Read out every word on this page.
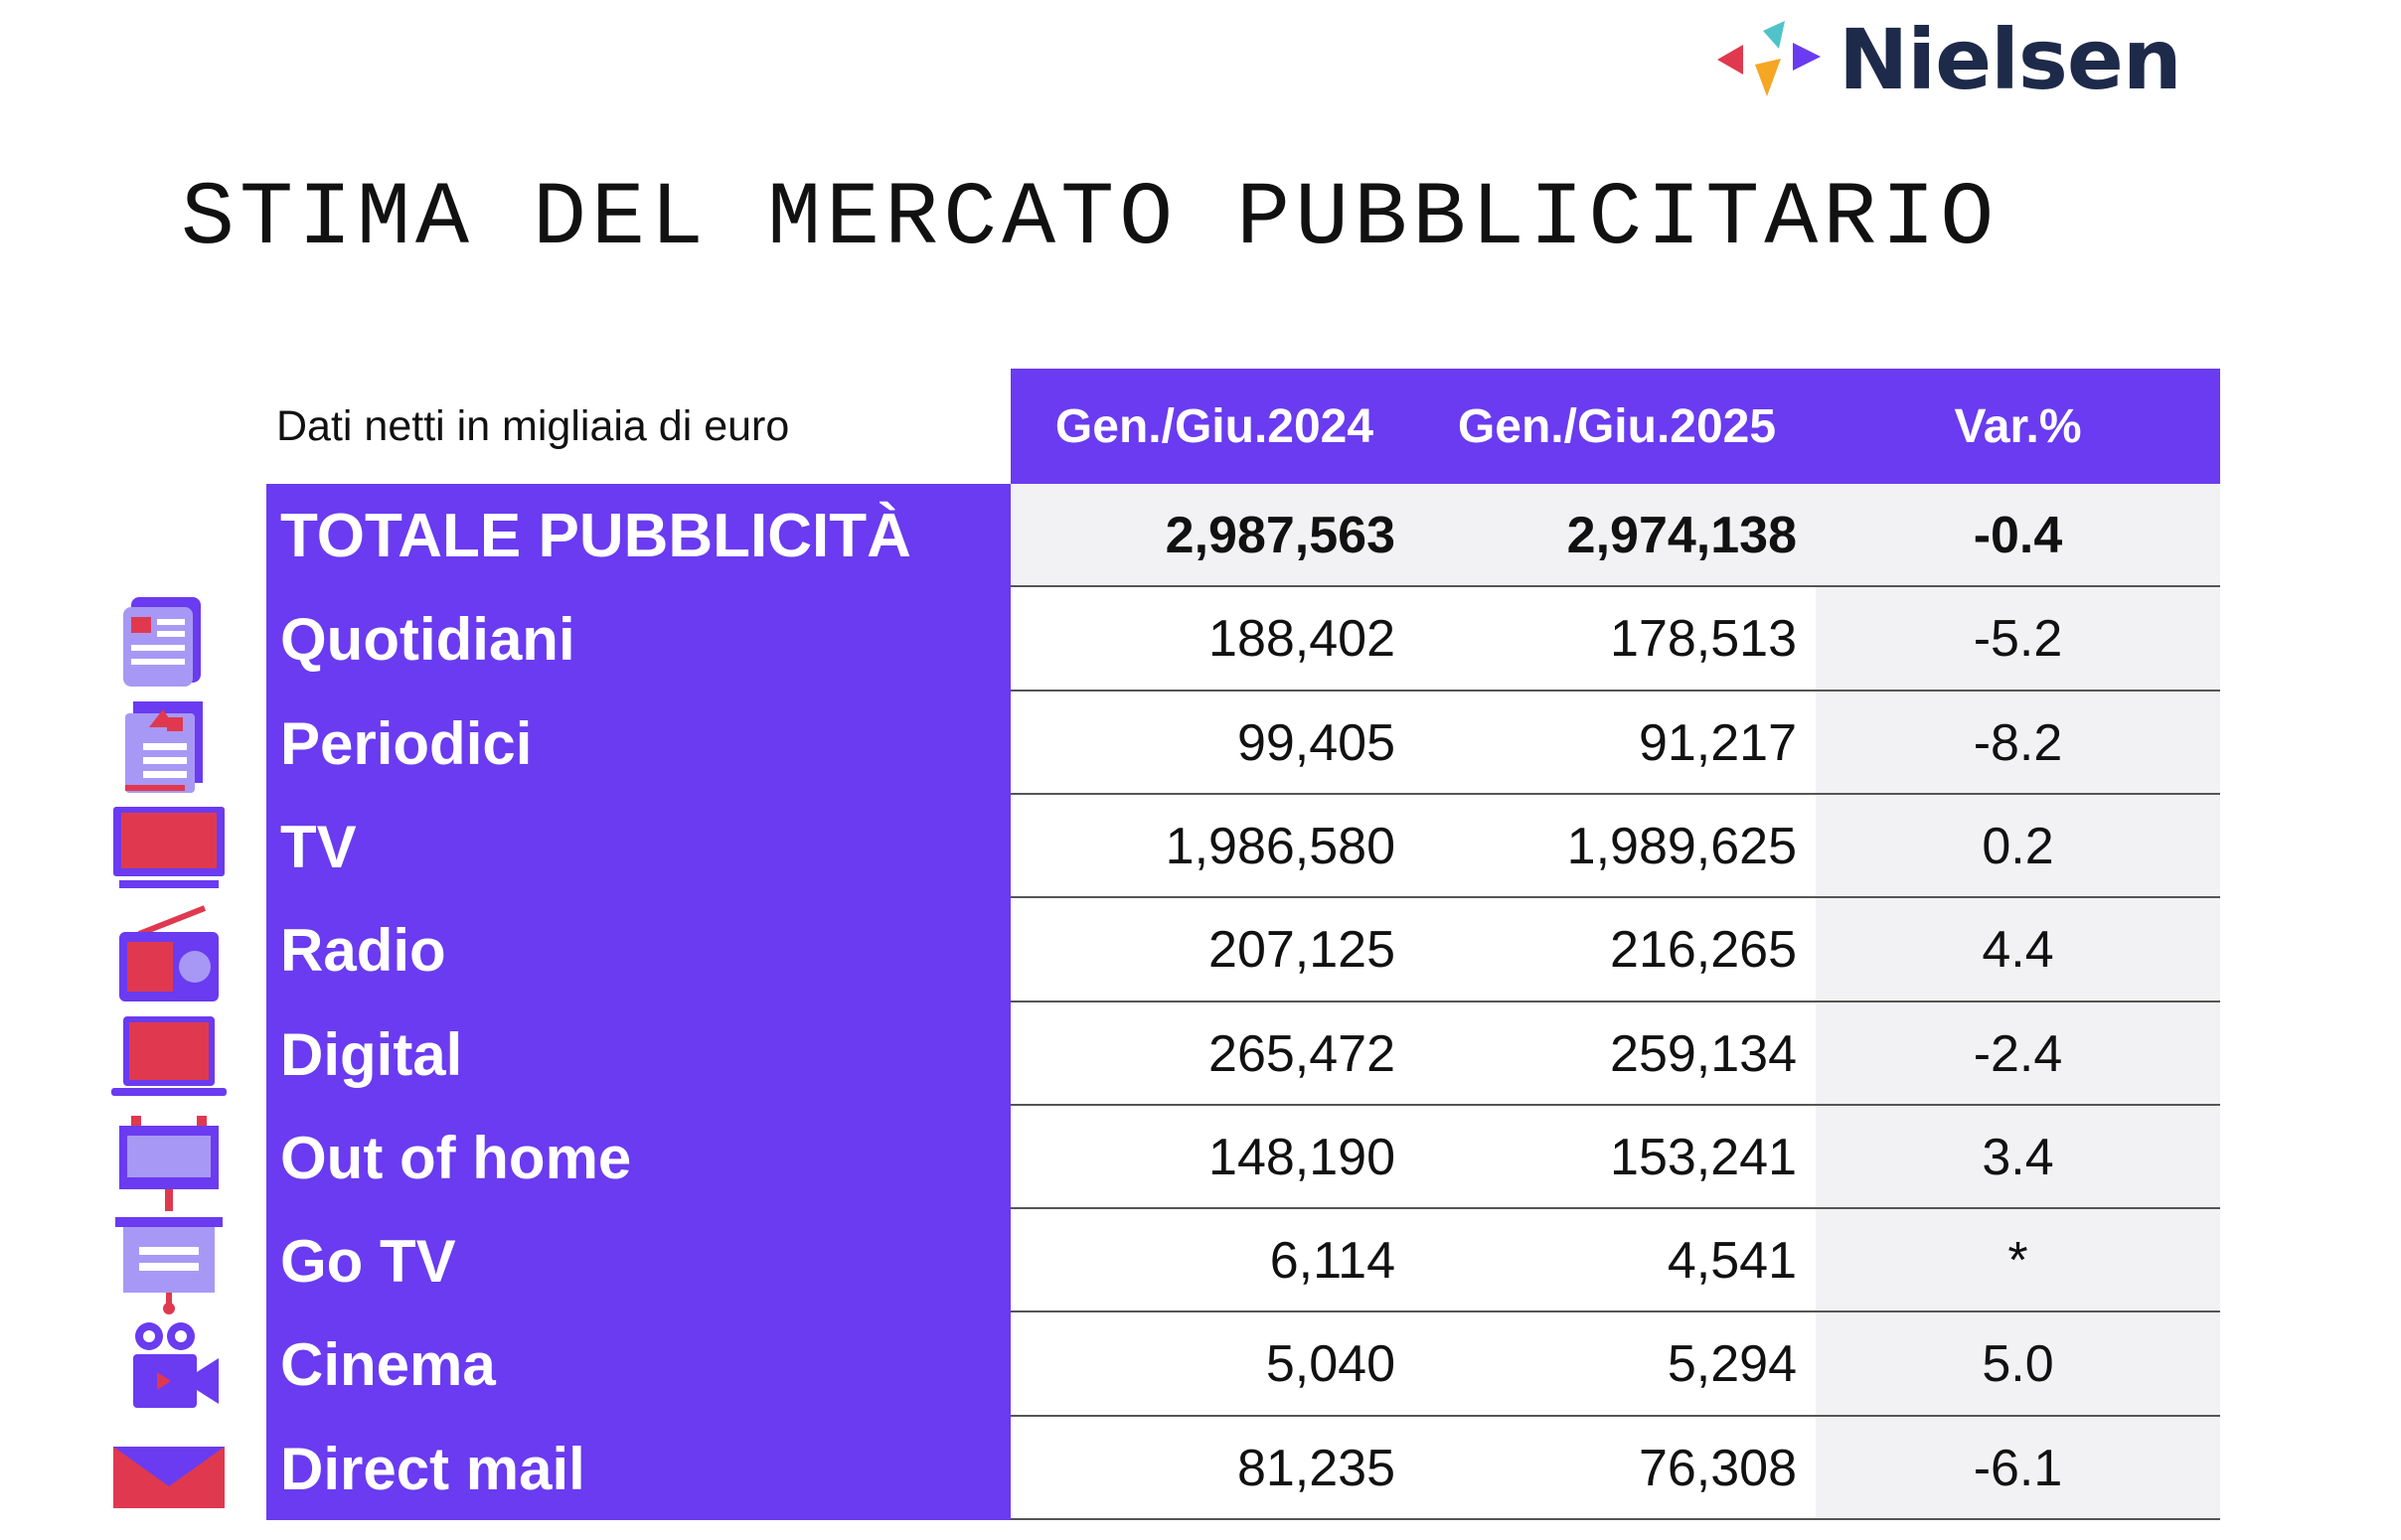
Nielsen
STIMA DEL MERCATO PUBBLICITARIO
Dati netti in migliaia di euro	Gen./Giu.2024	Gen./Giu.2025	Var.%
TOTALE PUBBLICITÀ	2,987,563	2,974,138	-0.4
Quotidiani	188,402	178,513	-5.2
Periodici	99,405	91,217	-8.2
TV	1,986,580	1,989,625	0.2
Radio	207,125	216,265	4.4
Digital	265,472	259,134	-2.4
Out of home	148,190	153,241	3.4
Go TV	6,114	4,541	*
Cinema	5,040	5,294	5.0
Direct mail	81,235	76,308	-6.1
